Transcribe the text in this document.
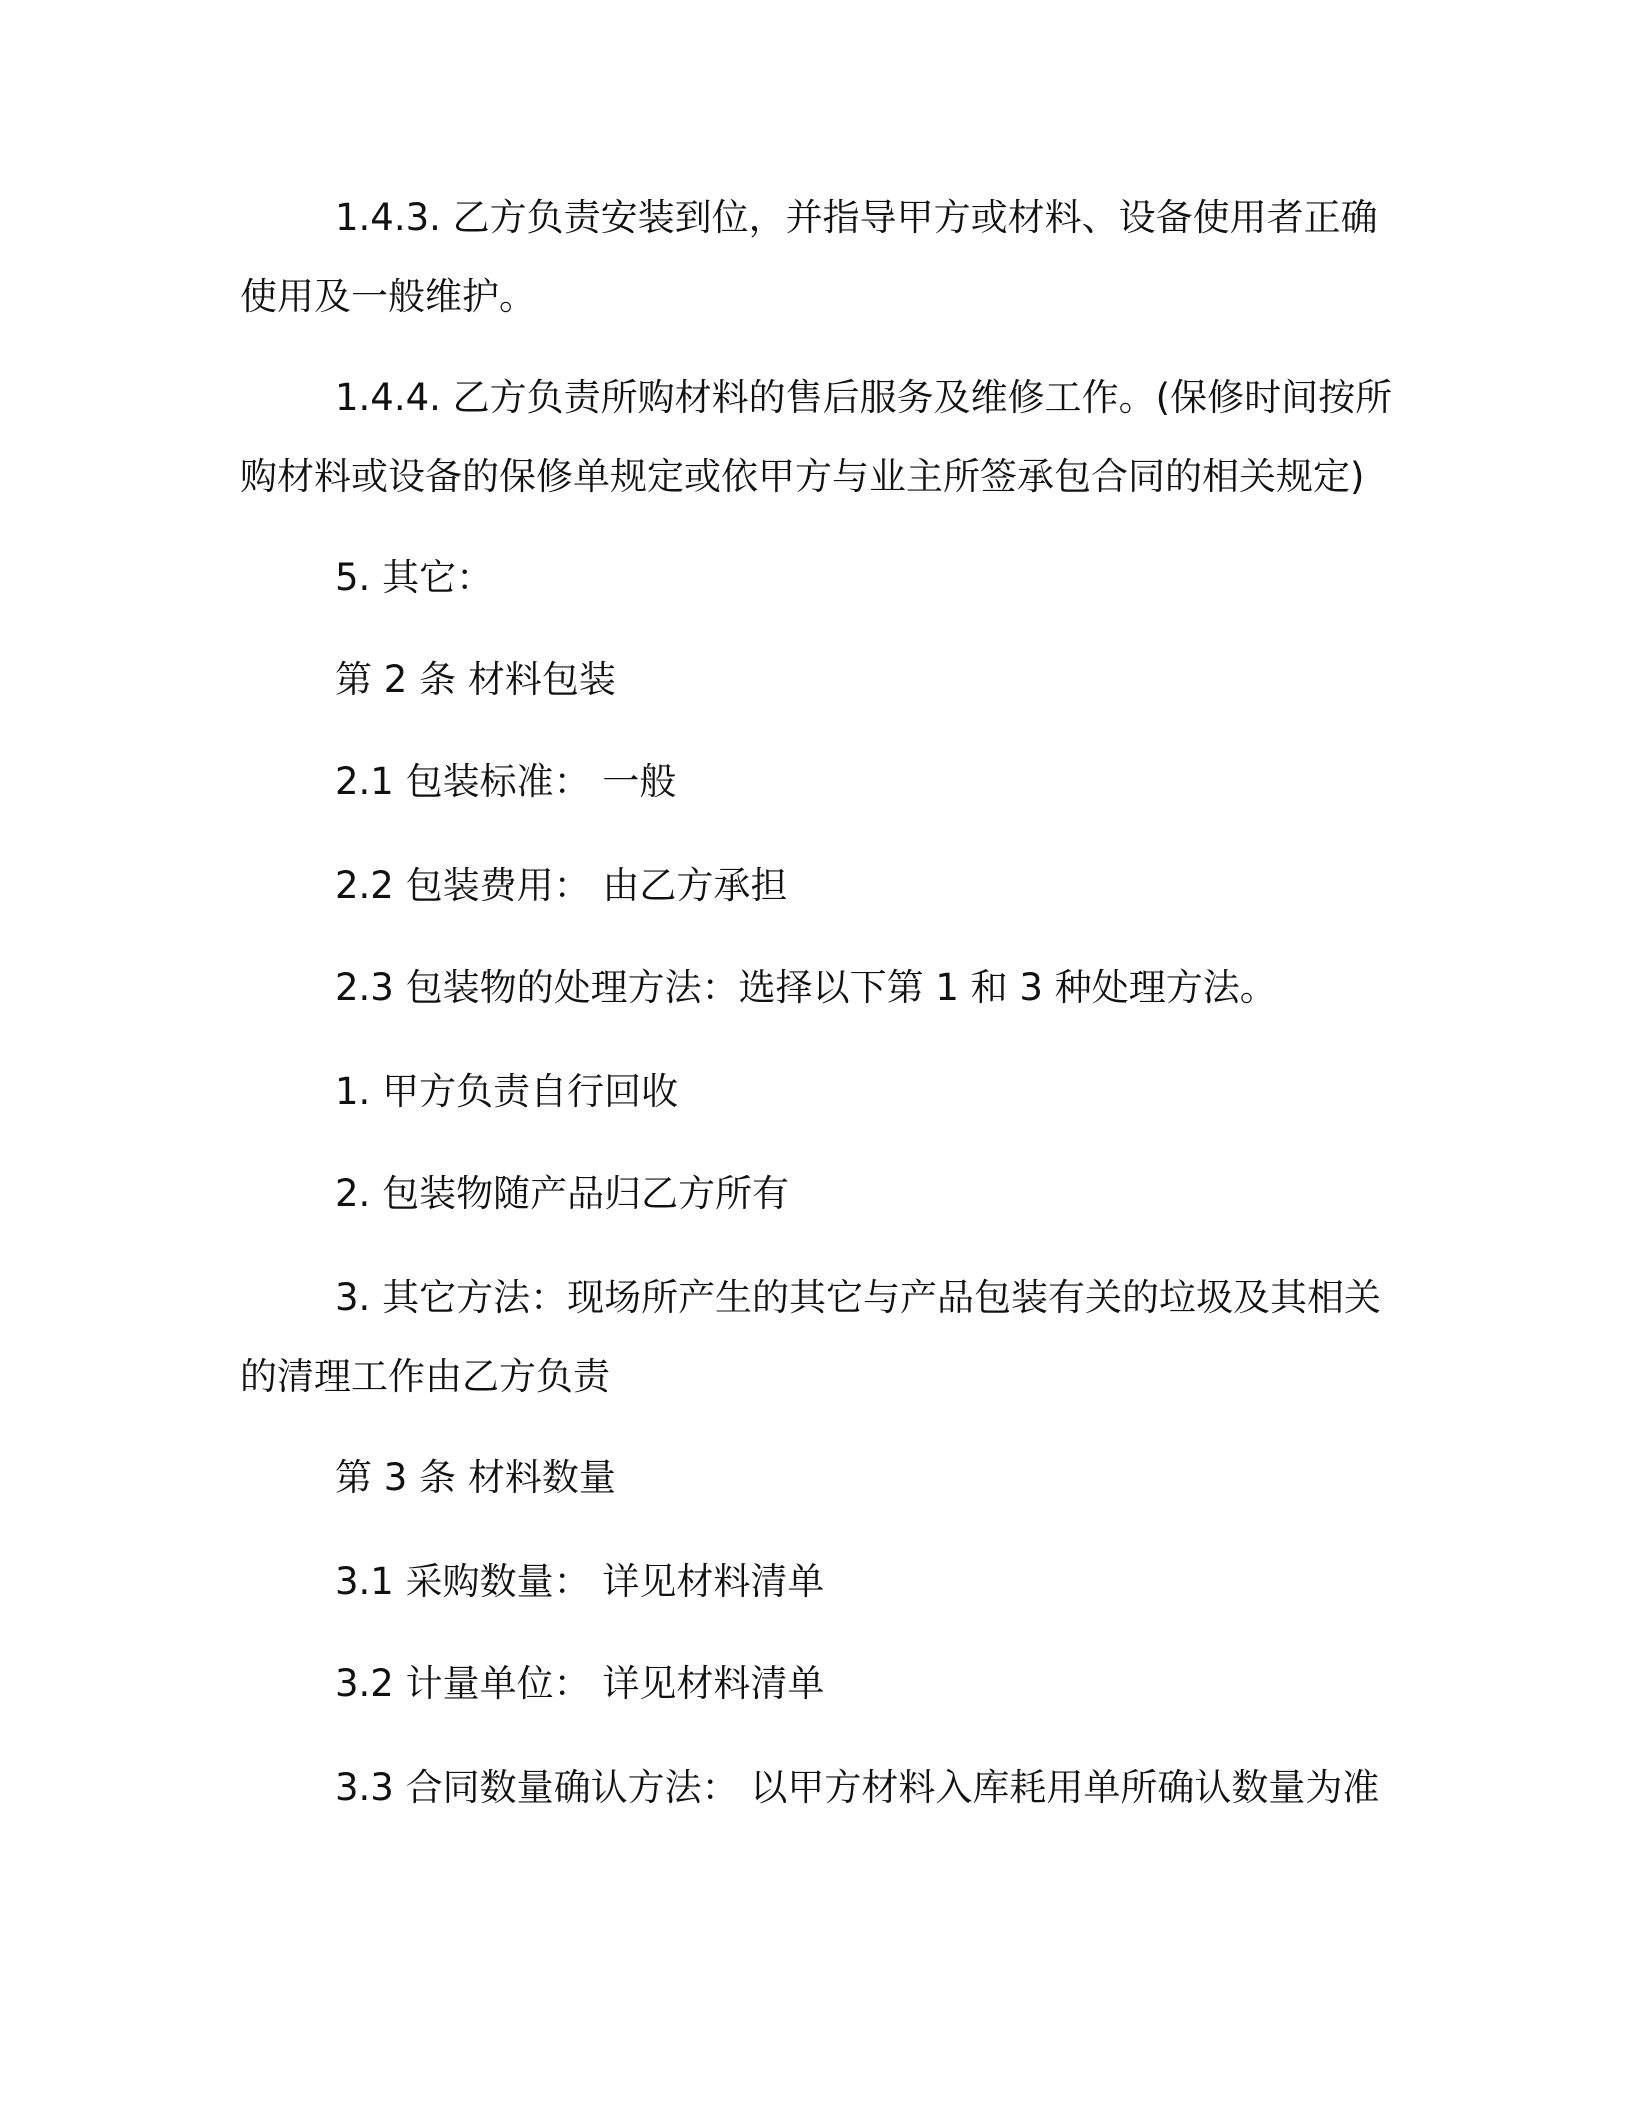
1.4.3. 乙方负责安装到位，并指导甲方或材料、设备使用者正确
使用及一般维护。

1.4.4. 乙方负责所购材料的售后服务及维修工作。(保修时间按所
购材料或设备的保修单规定或依甲方与业主所签承包合同的相关规定)

5. 其它：

第 2 条 材料包装

2.1 包装标准： 一般

2.2 包装费用： 由乙方承担

2.3 包装物的处理方法：选择以下第 1 和 3 种处理方法。

1. 甲方负责自行回收

2. 包装物随产品归乙方所有

3. 其它方法：现场所产生的其它与产品包装有关的垃圾及其相关
的清理工作由乙方负责

第 3 条 材料数量

3.1 采购数量： 详见材料清单

3.2 计量单位： 详见材料清单

3.3 合同数量确认方法： 以甲方材料入库耗用单所确认数量为准
